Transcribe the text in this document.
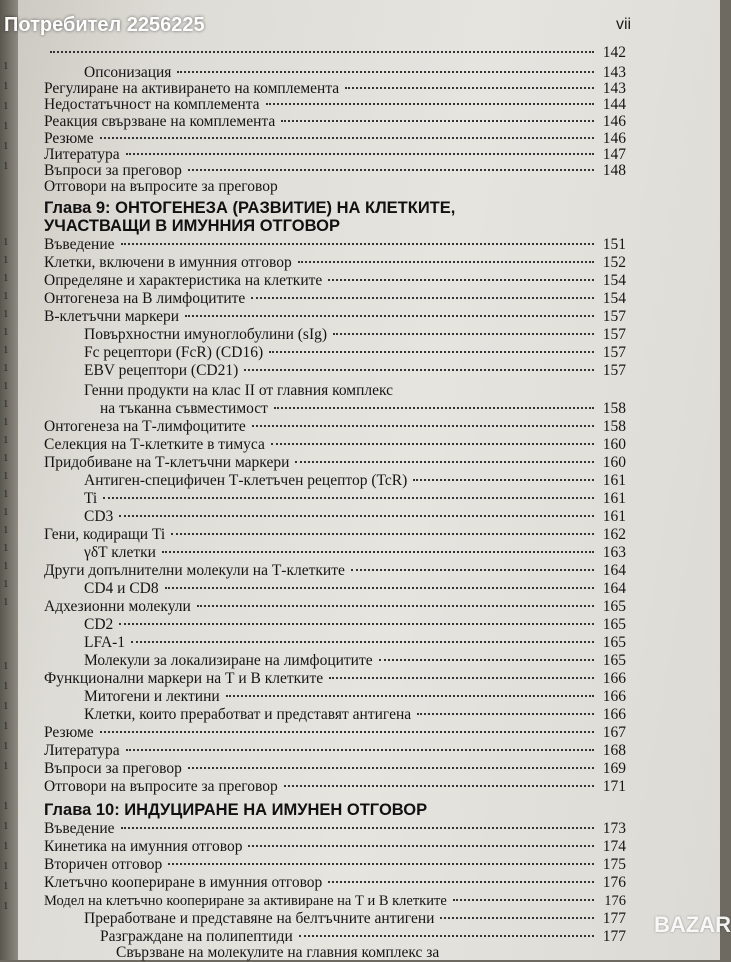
vii
142
Опсонизация	143
Регулиране на активирането на комплемента	143
Недостатъчност на комплемента	144
Реакция свързване на комплемента	146
Резюме	146
Литература	147
Въпроси за преговор	148
Отговори на въпросите за преговор
Глава 9: ОНТОГЕНЕЗА (РАЗВИТИЕ) НА КЛЕТКИТЕ,
УЧАСТВАЩИ В ИМУННИЯ ОТГОВОР
Въведение	151
Клетки, включени в имунния отговор	152
Определяне и характеристика на клетките	154
Онтогенеза на В лимфоцитите	154
В-клетъчни маркери	157
Повърхностни имуноглобулини (sIg)	157
Fc рецептори (FcR) (CD16)	157
EBV рецептори (CD21)	157
Генни продукти на клас II от главния комплекс
на тъканна съвместимост	158
Онтогенеза на Т-лимфоцитите	158
Селекция на Т-клетките в тимуса	160
Придобиване на Т-клетъчни маркери	160
Антиген-специфичен Т-клетъчен рецептор (TcR)	161
Ti	161
CD3	161
Гени, кодиращи Ti	162
γδT клетки	163
Други допълнителни молекули на Т-клетките	164
CD4 и CD8	164
Адхезионни молекули	165
CD2	165
LFA-1	165
Молекули за локализиране на лимфоцитите	165
Функционални маркери на Т и В клетките	166
Митогени и лектини	166
Клетки, които преработват и представят антигена	166
Резюме	167
Литература	168
Въпроси за преговор	169
Отговори на въпросите за преговор	171
Глава 10: ИНДУЦИРАНЕ НА ИМУНЕН ОТГОВОР
Въведение	173
Кинетика на имунния отговор	174
Вторичен отговор	175
Клетъчно коопериране в имунния отговор	176
Модел на клетъчно коопериране за активиране на Т и В клетките	176
Преработване и представяне на белтъчните антигени	177
Разграждане на полипептиди	177
Свързване на молекулите на главния комплекс за
BAZAR
1
1
1
1
1
1
1
1
1
1
1
1
1
1
1
1
1
1
1
1
1
1
1
1
1
1
1
1
1
1
1
1
1
1
1
1
1
1
1
Потребител 2256225
